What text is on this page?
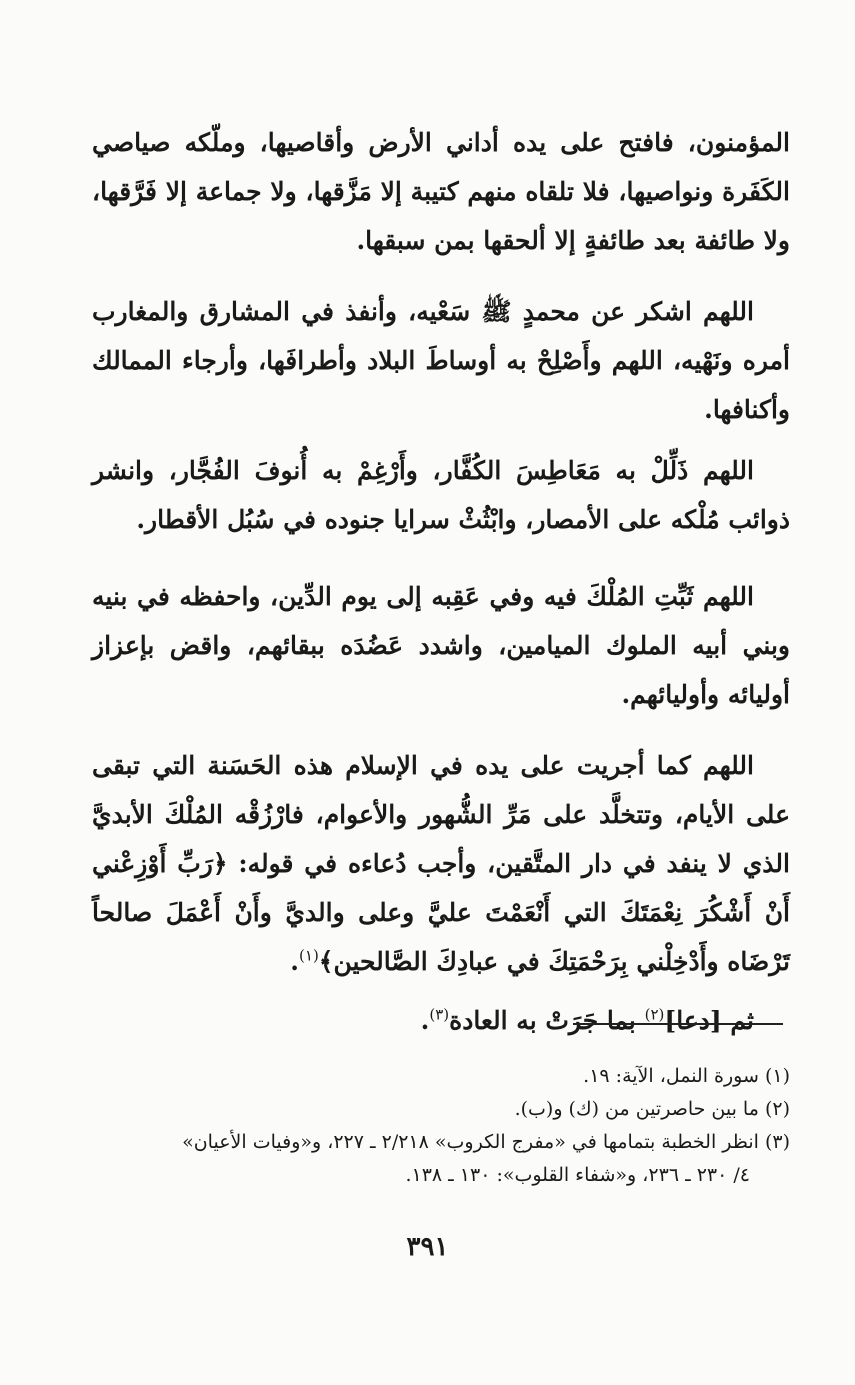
المؤمنون، فافتح على يده أداني الأرض وأقاصيها، وملّكه صياصي الكَفَرة ونواصيها، فلا تلقاه منهم كتيبة إلا مَزَّقها، ولا جماعة إلا فَرَّقها، ولا طائفة بعد طائفةٍ إلا ألحقها بمن سبقها.

اللهم اشكر عن محمدٍ ﷺ سَعْيه، وأنفذ في المشارق والمغارب أمره ونَهْيه، اللهم وأَصْلِحْ به أوساطَ البلاد وأطرافَها، وأرجاء الممالك وأكنافها.

اللهم ذَلِّلْ به مَعَاطِسَ الكُفَّار، وأَرْغِمْ به أُنوفَ الفُجَّار، وانشر ذوائب مُلْكه على الأمصار، وابْثُثْ سرايا جنوده في سُبُل الأقطار.

اللهم ثَبِّتِ المُلْكَ فيه وفي عَقِبه إلى يوم الدِّين، واحفظه في بنيه وبني أبيه الملوك الميامين، واشدد عَضُدَه ببقائهم، واقض بإعزاز أوليائه وأوليائهم.

اللهم كما أجريت على يده في الإسلام هذه الحَسَنة التي تبقى على الأيام، وتتخلَّد على مَرِّ الشُّهور والأعوام، فارْزُقْه المُلْكَ الأبديَّ الذي لا ينفد في دار المتَّقين، وأجب دُعاءه في قوله: ﴿رَبِّ أَوْزِعْني أَنْ أَشْكُرَ نِعْمَتَكَ التي أَنْعَمْتَ عليَّ وعلى والديَّ وأَنْ أَعْمَلَ صالحاً تَرْضَاه وأَدْخِلْني بِرَحْمَتِكَ في عبادِكَ الصَّالحين﴾$^{(١)}$.

ثم [دعا]$^{(٢)}$ بما جَرَتْ به العادة$^{(٣)}$.

(١) سورة النمل، الآية: ١٩.

(٢) ما بين حاصرتين من (ك) و(ب).

(٣) انظر الخطبة بتمامها في «مفرج الكروب» ٢/٢١٨ ـ ٢٢٧، و«وفيات الأعيان»

٤/ ٢٣٠ ـ ٢٣٦، و«شفاء القلوب»: ١٣٠ ـ ١٣٨.

٣٩١
